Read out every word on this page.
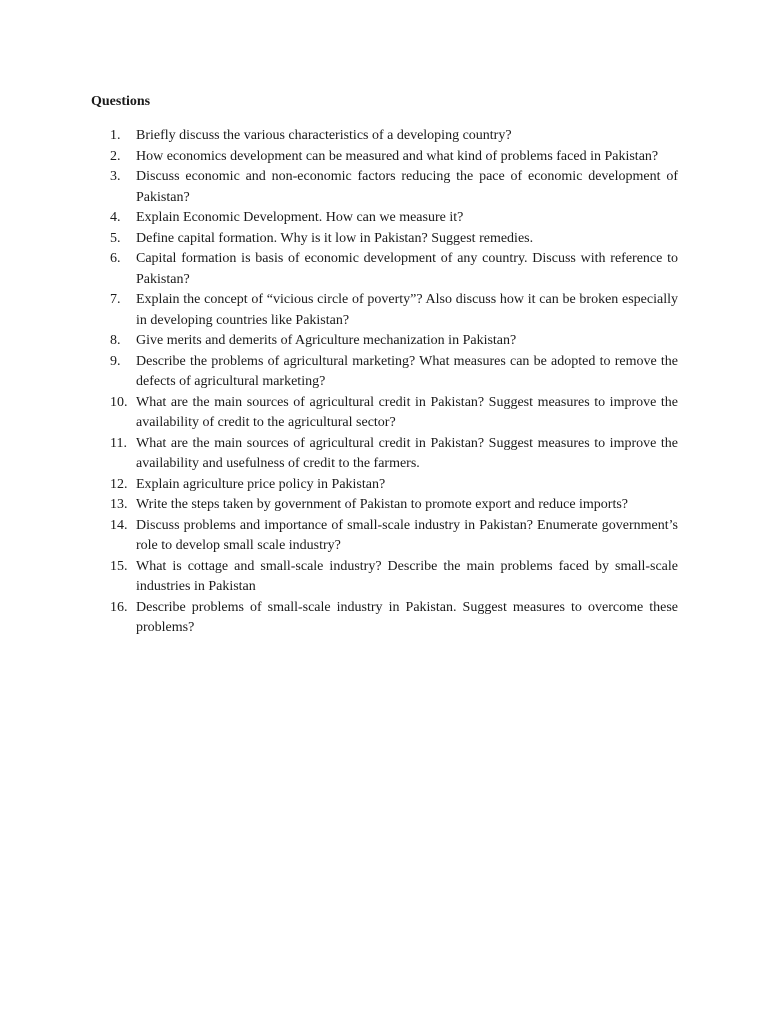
Questions
1.	Briefly discuss the various characteristics of a developing country?
2.	How economics development can be measured and what kind of problems faced in Pakistan?
3.	Discuss economic and non-economic factors reducing the pace of economic development of Pakistan?
4.	Explain Economic Development. How can we measure it?
5.	Define capital formation. Why is it low in Pakistan? Suggest remedies.
6.	Capital formation is basis of economic development of any country. Discuss with reference to Pakistan?
7.	Explain the concept of “vicious circle of poverty”? Also discuss how it can be broken especially in developing countries like Pakistan?
8.	Give merits and demerits of Agriculture mechanization in Pakistan?
9.	Describe the problems of agricultural marketing? What measures can be adopted to remove the defects of agricultural marketing?
10. What are the main sources of agricultural credit in Pakistan? Suggest measures to improve the availability of credit to the agricultural sector?
11. What are the main sources of agricultural credit in Pakistan? Suggest measures to improve the availability and usefulness of credit to the farmers.
12. Explain agriculture price policy in Pakistan?
13. Write the steps taken by government of Pakistan to promote export and reduce imports?
14. Discuss problems and importance of small-scale industry in Pakistan? Enumerate government’s role to develop small scale industry?
15. What is cottage and small-scale industry? Describe the main problems faced by small-scale industries in Pakistan
16. Describe problems of small-scale industry in Pakistan. Suggest measures to overcome these problems?
